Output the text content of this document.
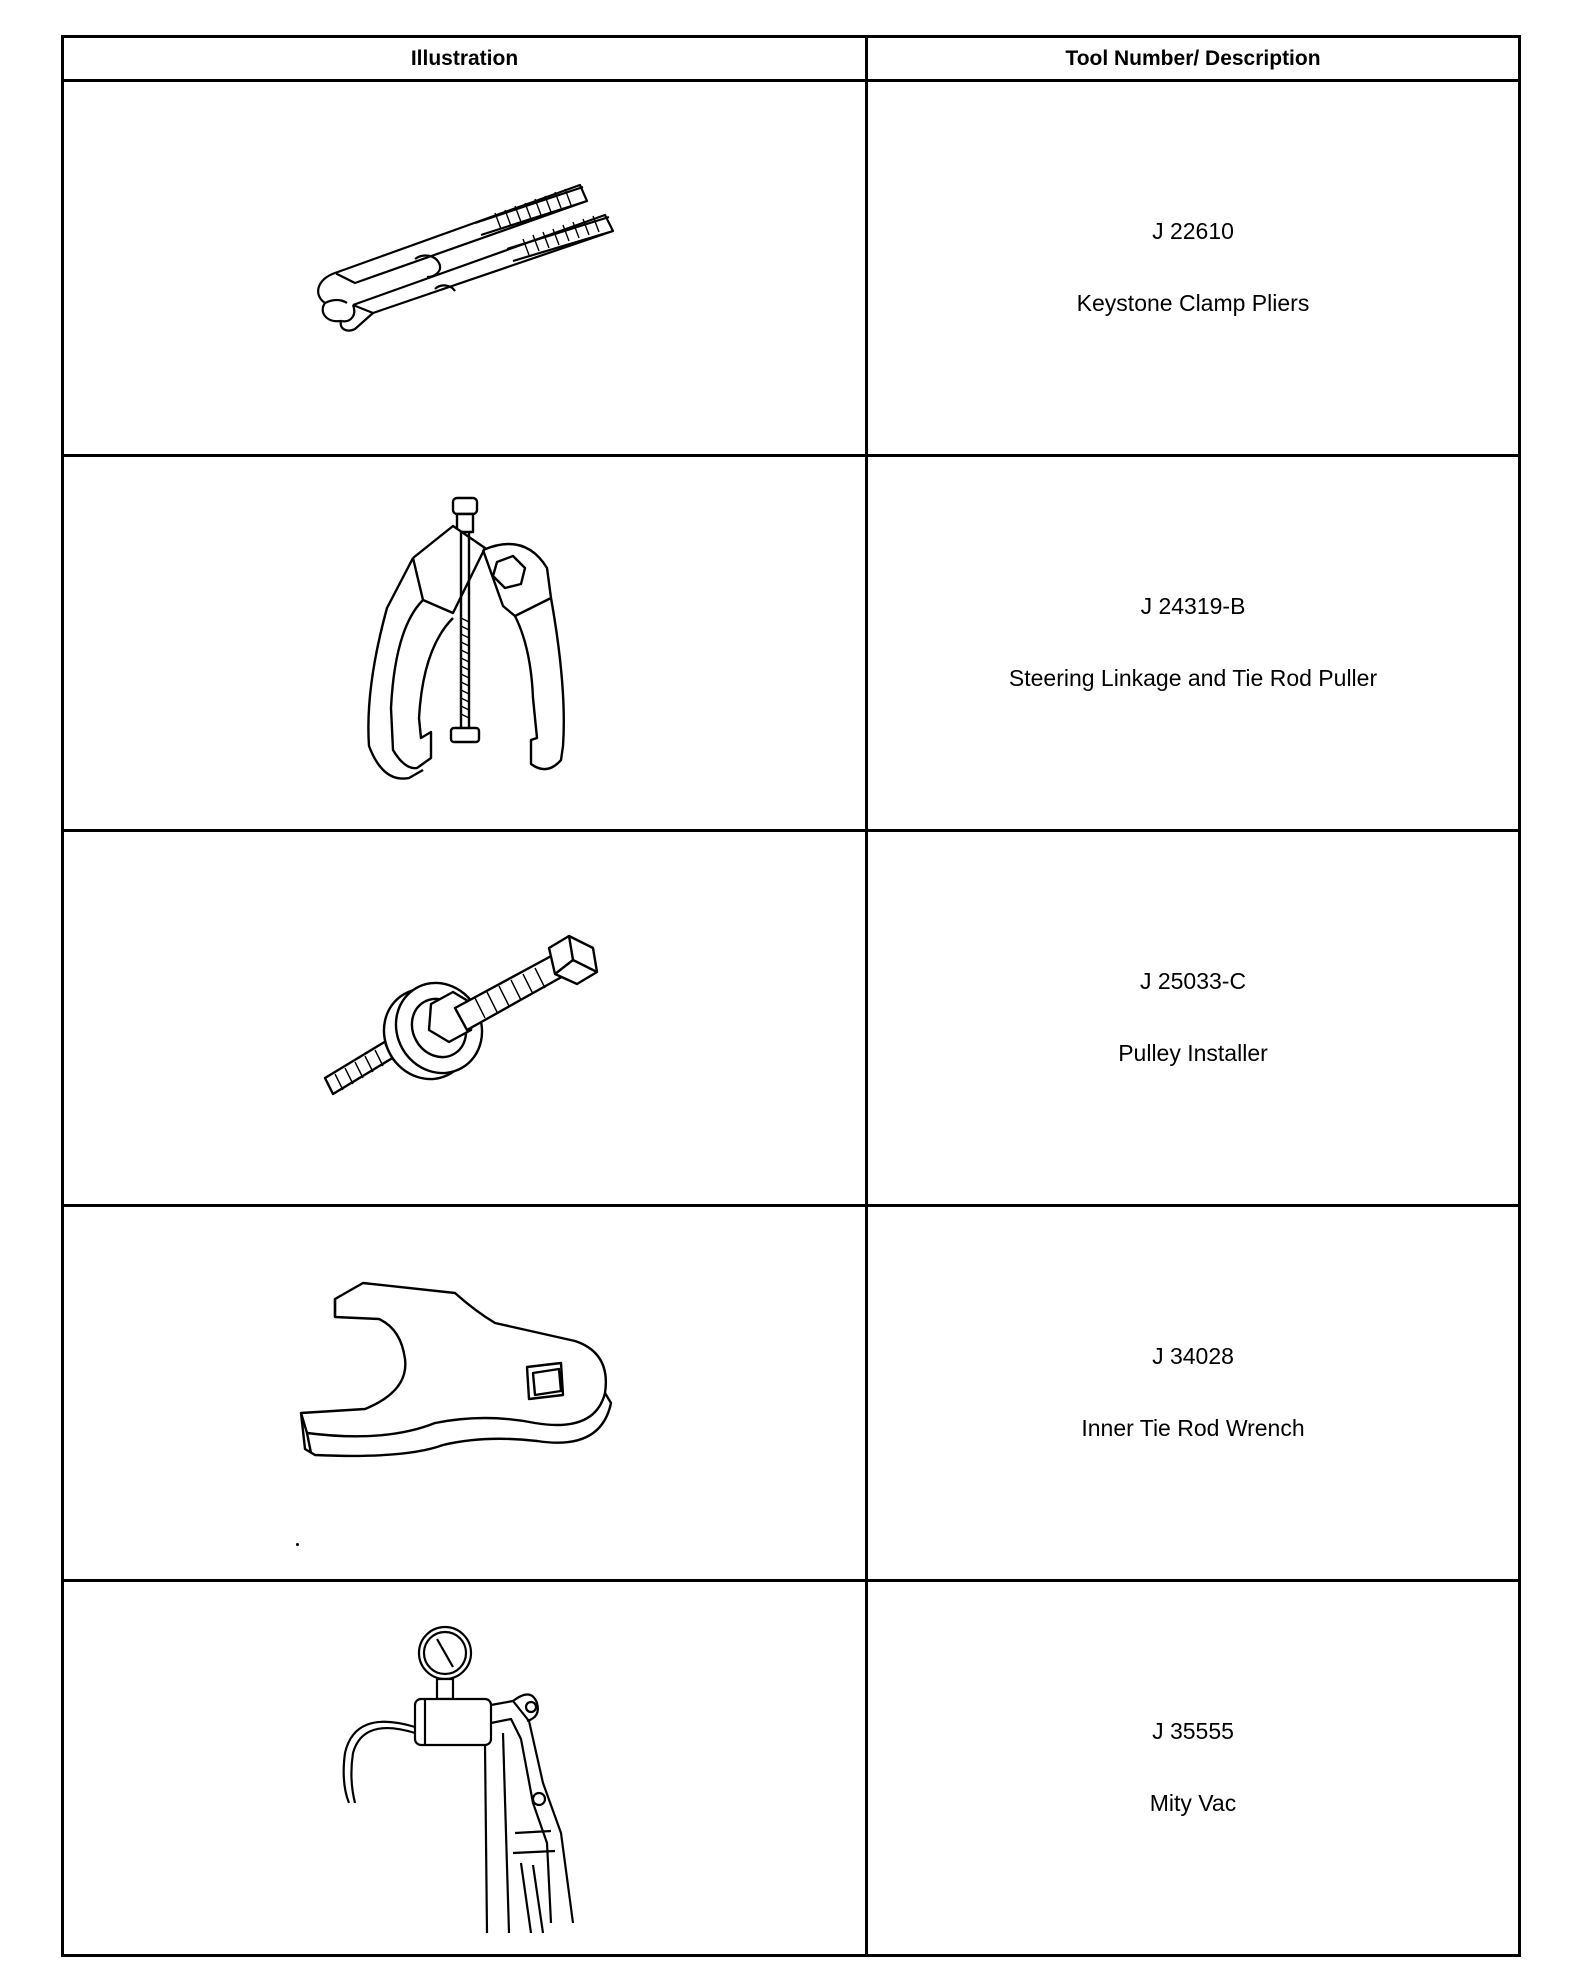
Illustration	Tool Number/ Description
J 22610
Keystone Clamp Pliers
J 24319-B
Steering Linkage and Tie Rod Puller
J 25033-C
Pulley Installer
J 34028
Inner Tie Rod Wrench
J 35555
Mity Vac
